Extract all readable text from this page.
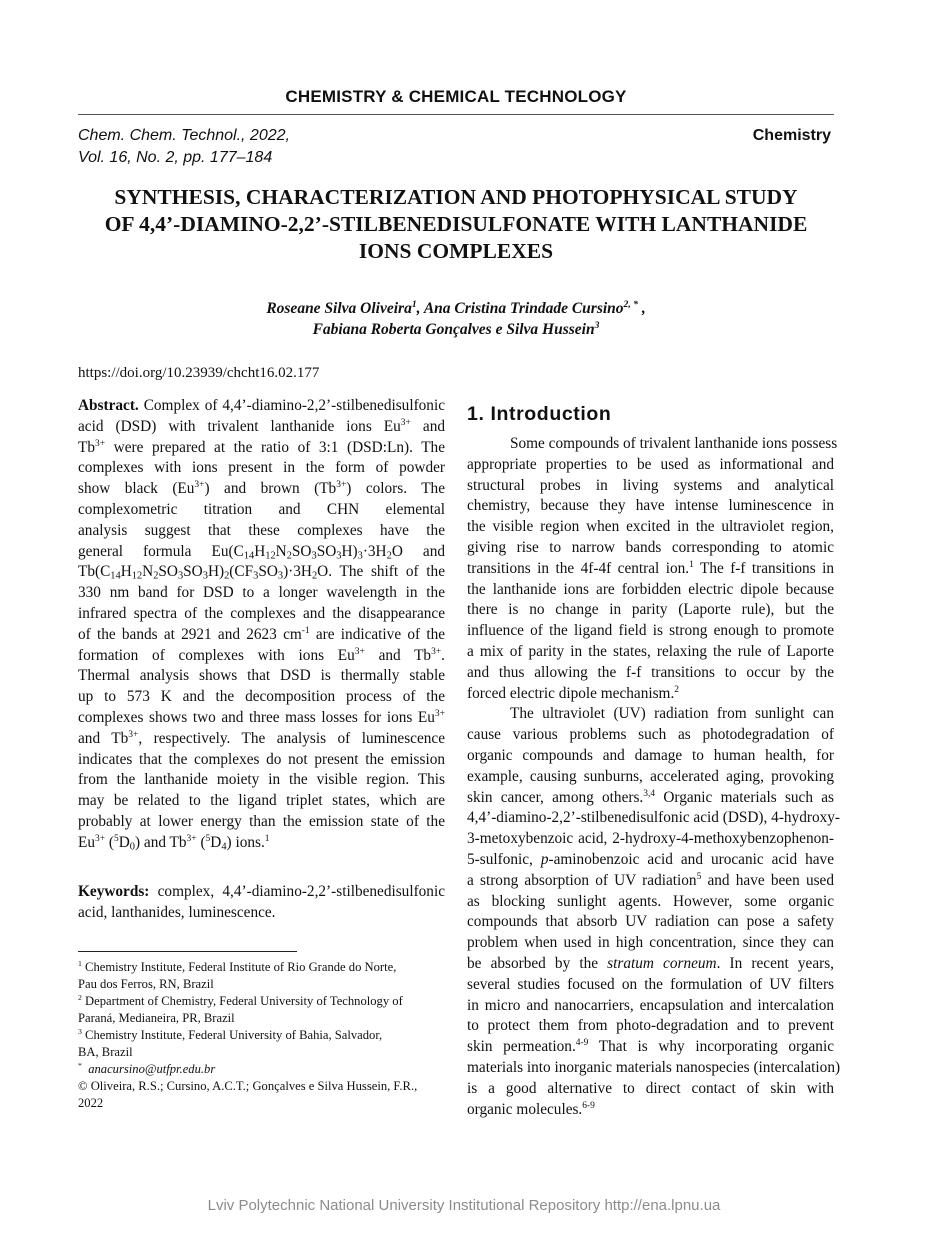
CHEMISTRY & CHEMICAL TECHNOLOGY
Chem. Chem. Technol., 2022,
Vol. 16, No. 2, pp. 177–184
Chemistry
SYNTHESIS, CHARACTERIZATION AND PHOTOPHYSICAL STUDY
OF 4,4’-DIAMINO-2,2’-STILBENEDISULFONATE WITH LANTHANIDE
IONS COMPLEXES
Roseane Silva Oliveira$^1$, Ana Cristina Trindade Cursino$^{2, *}$ ,
Fabiana Roberta Gonçalves e Silva Hussein$^3$
https://doi.org/10.23939/chcht16.02.177
Abstract. Complex of 4,4’-diamino-2,2’-stilbenedisulfonic
acid (DSD) with trivalent lanthanide ions $Eu^{3+}$ and
$Tb^{3+}$ were prepared at the ratio of 3:1 (DSD:Ln). The
complexes with ions present in the form of powder
show black $(Eu^{3+})$ and brown $(Tb^{3+})$ colors. The
complexometric titration and CHN elemental
analysis suggest that these complexes have the
general formula $Eu(C_{14}H_{12}N_2SO_3SO_3H)_3\cdot 3H_2O$ and
$Tb(C_{14}H_{12}N_2SO_3SO_3H)_2(CF_3SO_3)\cdot 3H_2O$. The shift of the
330 nm band for DSD to a longer wavelength in the
infrared spectra of the complexes and the disappearance
of the bands at 2921 and 2623 $cm^{-1}$ are indicative of the
formation of complexes with ions $Eu^{3+}$ and $Tb^{3+}$.
Thermal analysis shows that DSD is thermally stable
up to 573 K and the decomposition process of the
complexes shows two and three mass losses for ions $Eu^{3+}$
and $Tb^{3+}$, respectively. The analysis of luminescence
indicates that the complexes do not present the emission
from the lanthanide moiety in the visible region. This
may be related to the ligand triplet states, which are
probably at lower energy than the emission state of the
$Eu^{3+}$ $(^5D_0)$ and $Tb^{3+}$ $(^5D_4)$ ions.$^1$
Keywords: complex, 4,4’-diamino-2,2’-stilbenedisulfonic
acid, lanthanides, luminescence.
$^1$ Chemistry Institute, Federal Institute of Rio Grande do Norte,
Pau dos Ferros, RN, Brazil
$^2$ Department of Chemistry, Federal University of Technology of
Paraná, Medianeira, PR, Brazil
$^3$ Chemistry Institute, Federal University of Bahia, Salvador,
BA, Brazil
* anacursino@utfpr.edu.br
© Oliveira, R.S.; Cursino, A.C.T.; Gonçalves e Silva Hussein, F.R.,
2022
1. Introduction
Some compounds of trivalent lanthanide ions possess
appropriate properties to be used as informational and
structural probes in living systems and analytical
chemistry, because they have intense luminescence in
the visible region when excited in the ultraviolet region,
giving rise to narrow bands corresponding to atomic
transitions in the 4f-4f central ion.$^1$ The f-f transitions in
the lanthanide ions are forbidden electric dipole because
there is no change in parity (Laporte rule), but the
influence of the ligand field is strong enough to promote
a mix of parity in the states, relaxing the rule of Laporte
and thus allowing the f-f transitions to occur by the
forced electric dipole mechanism.$^2$
The ultraviolet (UV) radiation from sunlight can
cause various problems such as photodegradation of
organic compounds and damage to human health, for
example, causing sunburns, accelerated aging, provoking
skin cancer, among others.$^{3,4}$ Organic materials such as
4,4’-diamino-2,2’-stilbenedisulfonic acid (DSD), 4-hydroxy-
3-metoxybenzoic acid, 2-hydroxy-4-methoxybenzophenon-
5-sulfonic, p-aminobenzoic acid and urocanic acid have
a strong absorption of UV radiation$^5$ and have been used
as blocking sunlight agents. However, some organic
compounds that absorb UV radiation can pose a safety
problem when used in high concentration, since they can
be absorbed by the stratum corneum. In recent years,
several studies focused on the formulation of UV filters
in micro and nanocarriers, encapsulation and intercalation
to protect them from photo-degradation and to prevent
skin permeation.$^{4-9}$ That is why incorporating organic
materials into inorganic materials nanospecies (intercalation)
is a good alternative to direct contact of skin with
organic molecules.$^{6-9}$
Lviv Polytechnic National University Institutional Repository http://ena.lpnu.ua
